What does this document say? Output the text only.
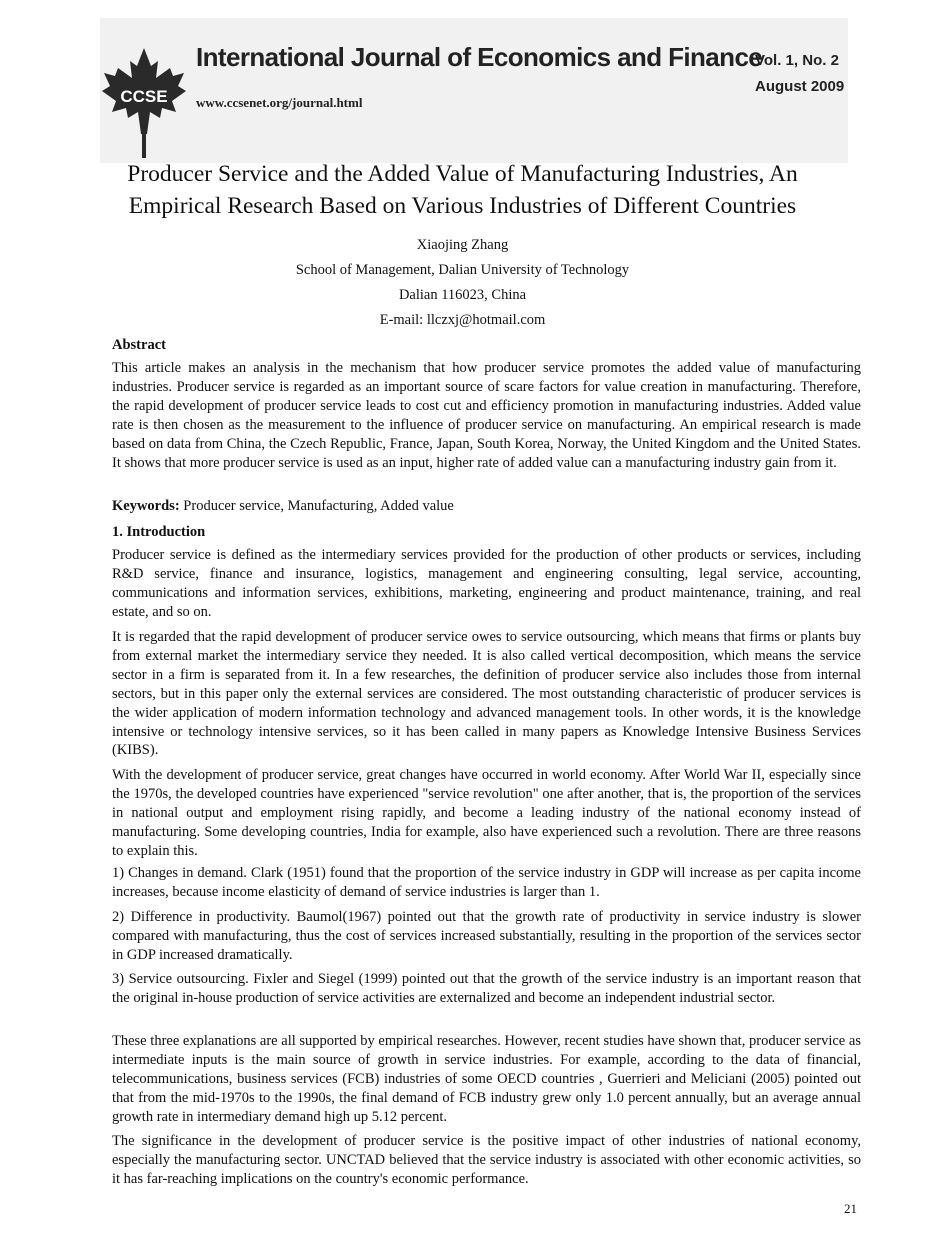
CCSE
International Journal of Economics and Finance
www.ccsenet.org/journal.html
Vol. 1, No. 2
August 2009
Producer Service and the Added Value of Manufacturing Industries, An
Empirical Research Based on Various Industries of Different Countries
Xiaojing Zhang
School of Management, Dalian University of Technology
Dalian 116023, China
E-mail: llczxj@hotmail.com
Abstract
This article makes an analysis in the mechanism that how producer service promotes the added value of manufacturing industries. Producer service is regarded as an important source of scare factors for value creation in manufacturing. Therefore, the rapid development of producer service leads to cost cut and efficiency promotion in manufacturing industries. Added value rate is then chosen as the measurement to the influence of producer service on manufacturing. An empirical research is made based on data from China, the Czech Republic, France, Japan, South Korea, Norway, the United Kingdom and the United States. It shows that more producer service is used as an input, higher rate of added value can a manufacturing industry gain from it.
Keywords: Producer service, Manufacturing, Added value
1. Introduction
Producer service is defined as the intermediary services provided for the production of other products or services, including R&D service, finance and insurance, logistics, management and engineering consulting, legal service, accounting, communications and information services, exhibitions, marketing, engineering and product maintenance, training, and real estate, and so on.
It is regarded that the rapid development of producer service owes to service outsourcing, which means that firms or plants buy from external market the intermediary service they needed. It is also called vertical decomposition, which means the service sector in a firm is separated from it. In a few researches, the definition of producer service also includes those from internal sectors, but in this paper only the external services are considered. The most outstanding characteristic of producer services is the wider application of modern information technology and advanced management tools. In other words, it is the knowledge intensive or technology intensive services, so it has been called in many papers as Knowledge Intensive Business Services (KIBS).
With the development of producer service, great changes have occurred in world economy. After World War II, especially since the 1970s, the developed countries have experienced "service revolution" one after another, that is, the proportion of the services in national output and employment rising rapidly, and become a leading industry of the national economy instead of manufacturing. Some developing countries, India for example, also have experienced such a revolution. There are three reasons to explain this.
1) Changes in demand. Clark (1951) found that the proportion of the service industry in GDP will increase as per capita income increases, because income elasticity of demand of service industries is larger than 1.
2) Difference in productivity. Baumol(1967) pointed out that the growth rate of productivity in service industry is slower compared with manufacturing, thus the cost of services increased substantially, resulting in the proportion of the services sector in GDP increased dramatically.
3) Service outsourcing. Fixler and Siegel (1999) pointed out that the growth of the service industry is an important reason that the original in-house production of service activities are externalized and become an independent industrial sector.
These three explanations are all supported by empirical researches. However, recent studies have shown that, producer service as intermediate inputs is the main source of growth in service industries. For example, according to the data of financial, telecommunications, business services (FCB) industries of some OECD countries , Guerrieri and Meliciani (2005) pointed out that from the mid-1970s to the 1990s, the final demand of FCB industry grew only 1.0 percent annually, but an average annual growth rate in intermediary demand high up 5.12 percent.
The significance in the development of producer service is the positive impact of other industries of national economy, especially the manufacturing sector. UNCTAD believed that the service industry is associated with other economic activities, so it has far-reaching implications on the country's economic performance.
21
